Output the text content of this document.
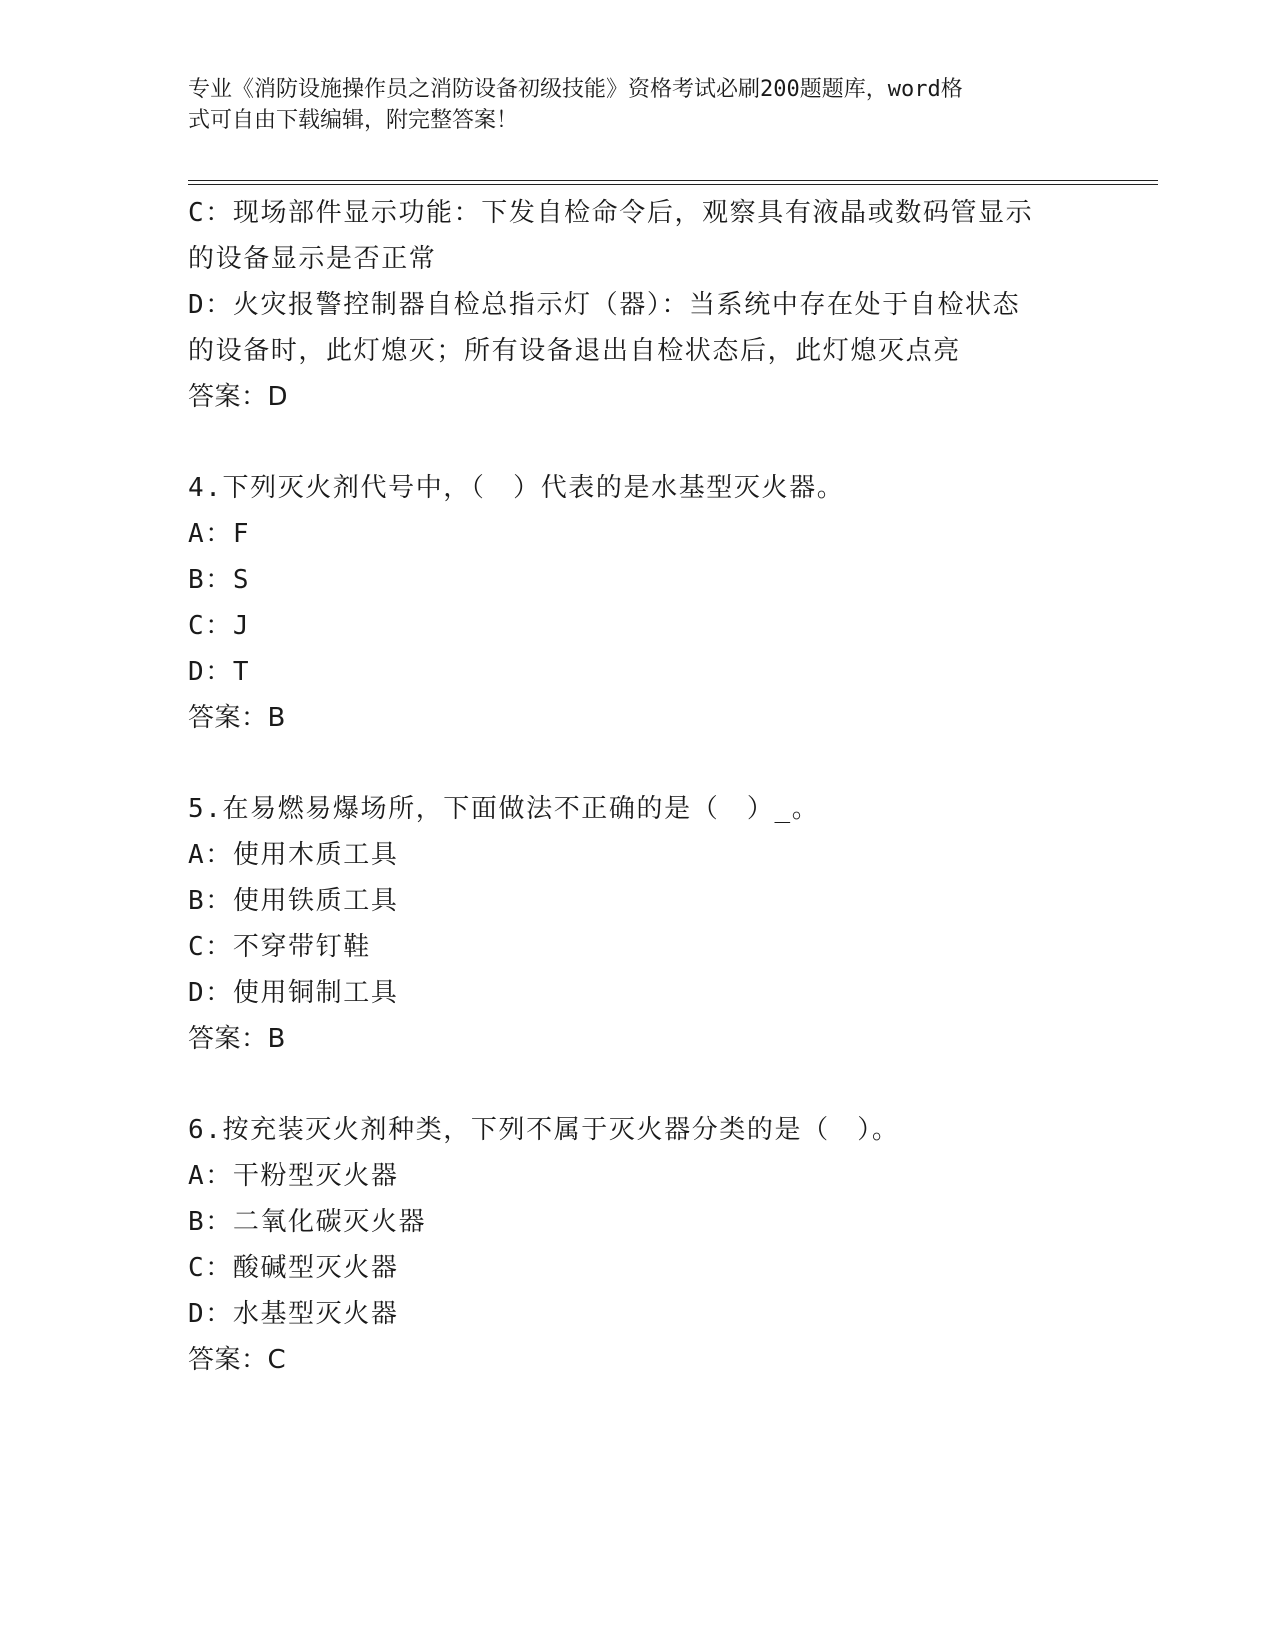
专业《消防设施操作员之消防设备初级技能》资格考试必刷200题题库，word格
式可自由下载编辑，附完整答案！
C：现场部件显示功能：下发自检命令后，观察具有液晶或数码管显示
的设备显示是否正常
D：火灾报警控制器自检总指示灯（器）：当系统中存在处于自检状态
的设备时，此灯熄灭；所有设备退出自检状态后，此灯熄灭点亮
答案：D
4.下列灭火剂代号中，（　）代表的是水基型灭火器。
A：F
B：S
C：J
D：T
答案：B
5.在易燃易爆场所，下面做法不正确的是（　）_。
A：使用木质工具
B：使用铁质工具
C：不穿带钉鞋
D：使用铜制工具
答案：B
6.按充装灭火剂种类，下列不属于灭火器分类的是（　）。
A：干粉型灭火器
B：二氧化碳灭火器
C：酸碱型灭火器
D：水基型灭火器
答案：C
